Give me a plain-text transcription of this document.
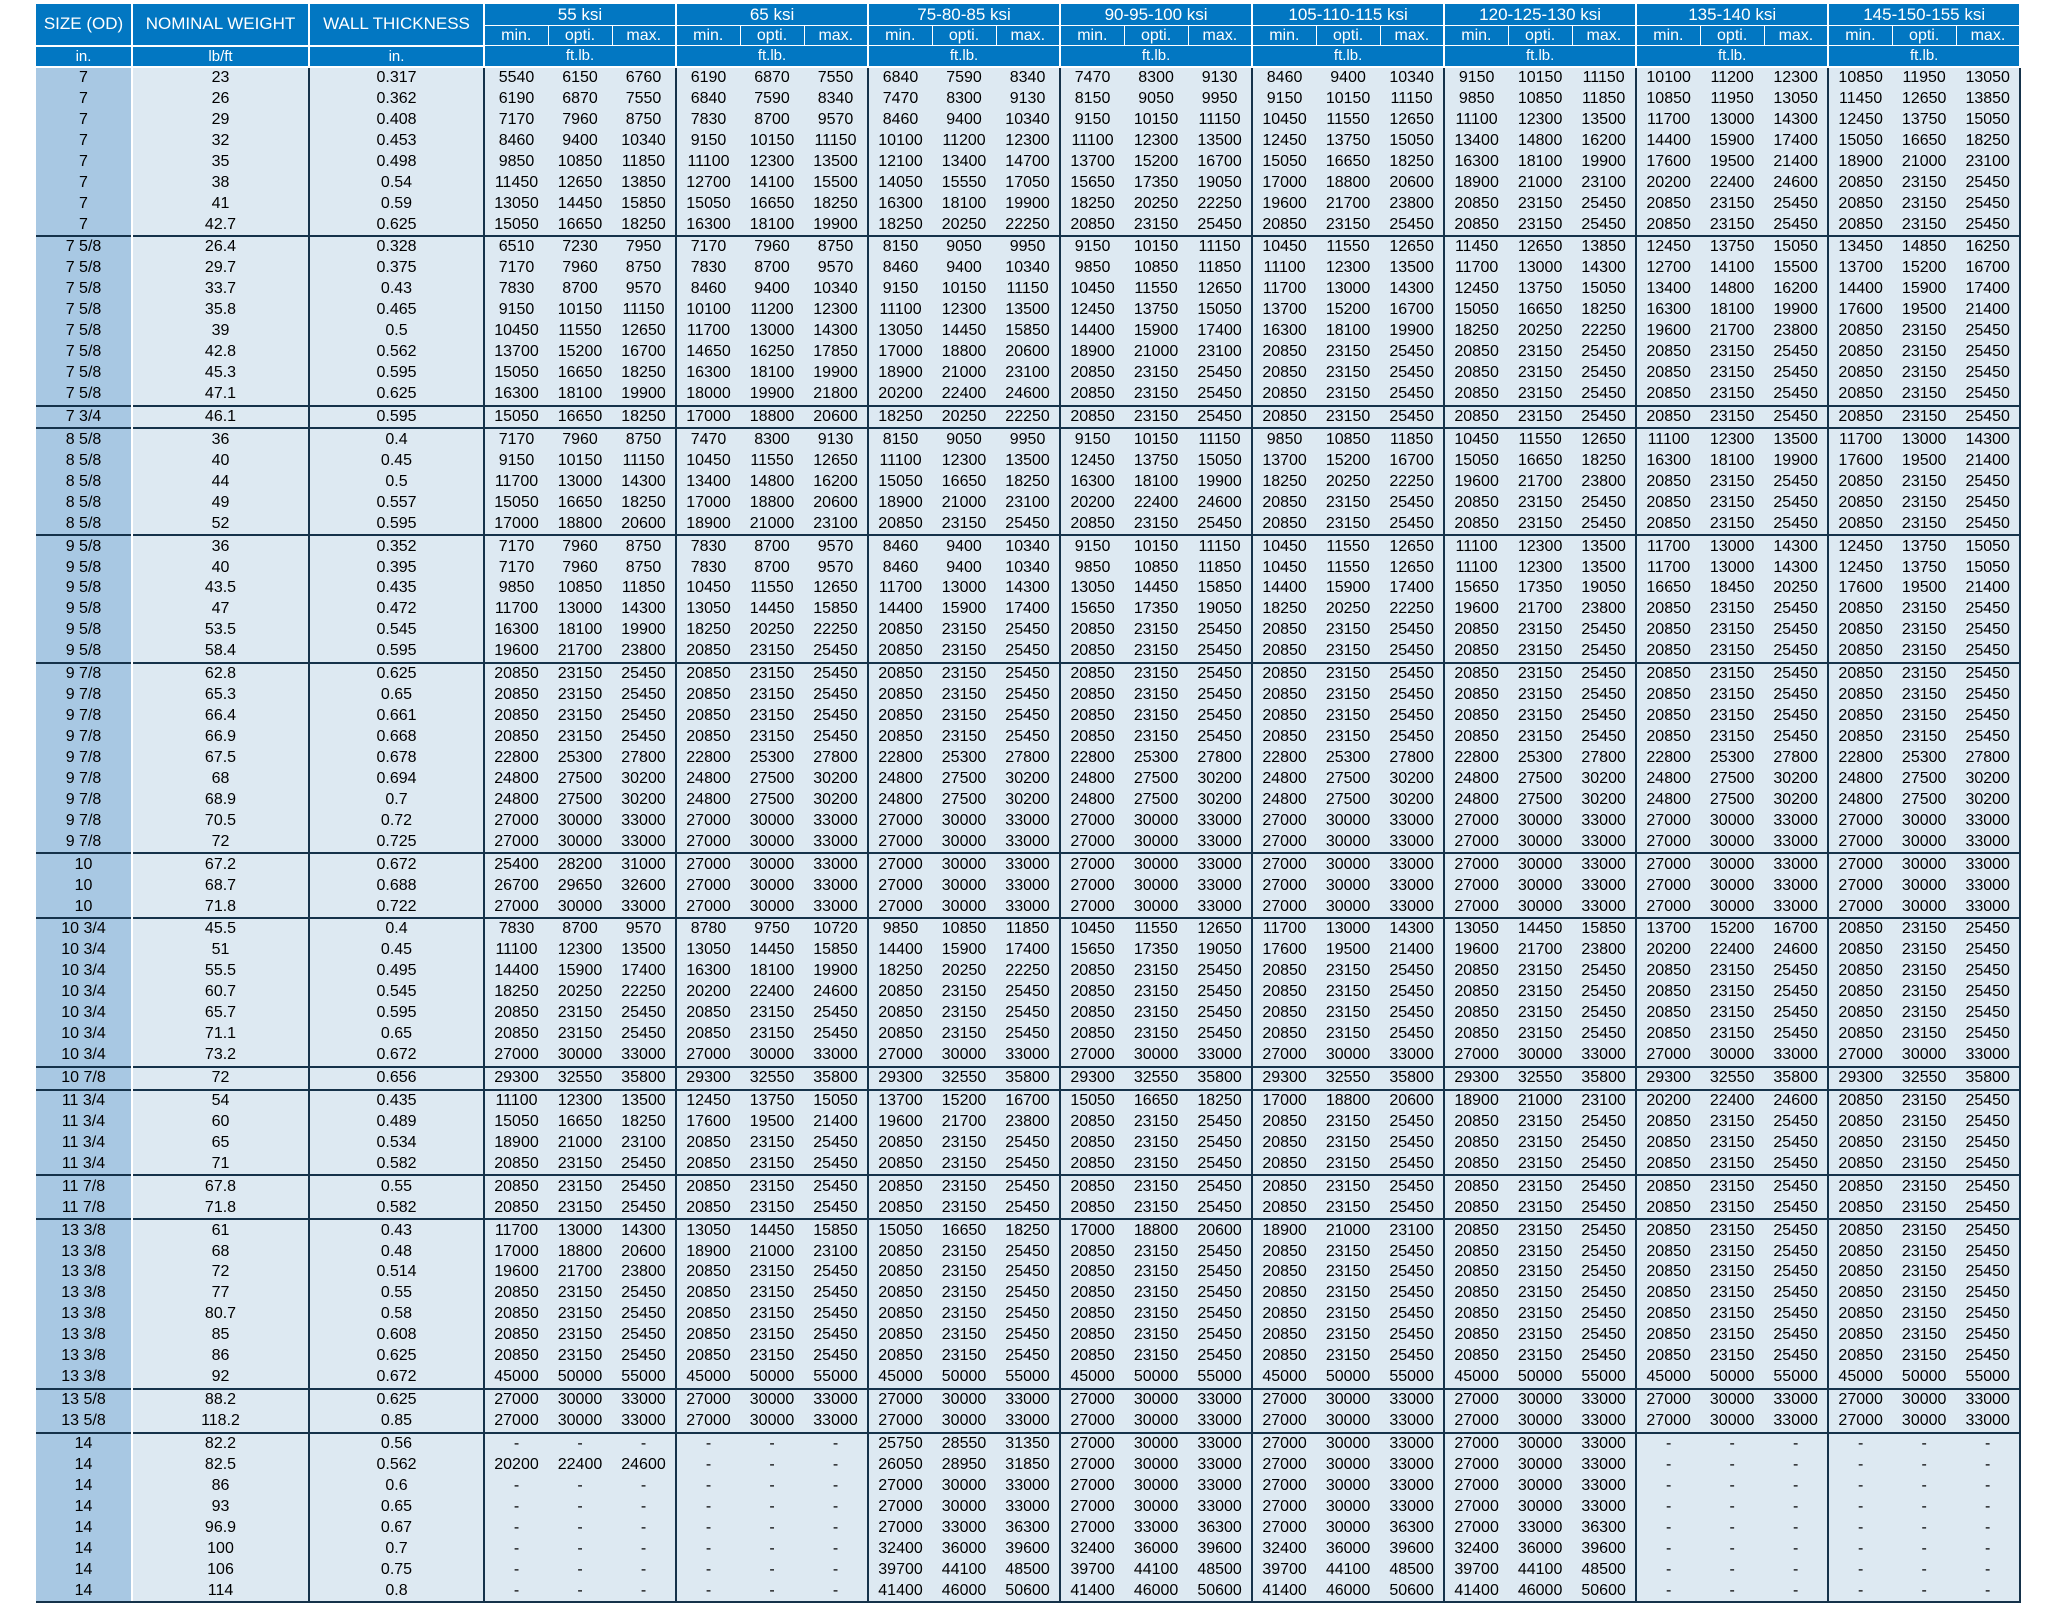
SIZE (OD)	NOMINAL WEIGHT	WALL THICKNESS	55 ksi			65 ksi			75-80-85 ksi			90-95-100 ksi			105-110-115 ksi			120-125-130 ksi			135-140 ksi			145-150-155 ksi		
			min.	opti.	max.	min.	opti.	max.	min.	opti.	max.	min.	opti.	max.	min.	opti.	max.	min.	opti.	max.	min.	opti.	max.	min.	opti.	max.
in.	lb/ft	in.	ft.lb.			ft.lb.			ft.lb.			ft.lb.			ft.lb.			ft.lb.			ft.lb.			ft.lb.		
7	23	0.317	5540	6150	6760	6190	6870	7550	6840	7590	8340	7470	8300	9130	8460	9400	10340	9150	10150	11150	10100	11200	12300	10850	11950	13050
7	26	0.362	6190	6870	7550	6840	7590	8340	7470	8300	9130	8150	9050	9950	9150	10150	11150	9850	10850	11850	10850	11950	13050	11450	12650	13850
7	29	0.408	7170	7960	8750	7830	8700	9570	8460	9400	10340	9150	10150	11150	10450	11550	12650	11100	12300	13500	11700	13000	14300	12450	13750	15050
7	32	0.453	8460	9400	10340	9150	10150	11150	10100	11200	12300	11100	12300	13500	12450	13750	15050	13400	14800	16200	14400	15900	17400	15050	16650	18250
7	35	0.498	9850	10850	11850	11100	12300	13500	12100	13400	14700	13700	15200	16700	15050	16650	18250	16300	18100	19900	17600	19500	21400	18900	21000	23100
7	38	0.54	11450	12650	13850	12700	14100	15500	14050	15550	17050	15650	17350	19050	17000	18800	20600	18900	21000	23100	20200	22400	24600	20850	23150	25450
7	41	0.59	13050	14450	15850	15050	16650	18250	16300	18100	19900	18250	20250	22250	19600	21700	23800	20850	23150	25450	20850	23150	25450	20850	23150	25450
7	42.7	0.625	15050	16650	18250	16300	18100	19900	18250	20250	22250	20850	23150	25450	20850	23150	25450	20850	23150	25450	20850	23150	25450	20850	23150	25450
7 5/8	26.4	0.328	6510	7230	7950	7170	7960	8750	8150	9050	9950	9150	10150	11150	10450	11550	12650	11450	12650	13850	12450	13750	15050	13450	14850	16250
7 5/8	29.7	0.375	7170	7960	8750	7830	8700	9570	8460	9400	10340	9850	10850	11850	11100	12300	13500	11700	13000	14300	12700	14100	15500	13700	15200	16700
7 5/8	33.7	0.43	7830	8700	9570	8460	9400	10340	9150	10150	11150	10450	11550	12650	11700	13000	14300	12450	13750	15050	13400	14800	16200	14400	15900	17400
7 5/8	35.8	0.465	9150	10150	11150	10100	11200	12300	11100	12300	13500	12450	13750	15050	13700	15200	16700	15050	16650	18250	16300	18100	19900	17600	19500	21400
7 5/8	39	0.5	10450	11550	12650	11700	13000	14300	13050	14450	15850	14400	15900	17400	16300	18100	19900	18250	20250	22250	19600	21700	23800	20850	23150	25450
7 5/8	42.8	0.562	13700	15200	16700	14650	16250	17850	17000	18800	20600	18900	21000	23100	20850	23150	25450	20850	23150	25450	20850	23150	25450	20850	23150	25450
7 5/8	45.3	0.595	15050	16650	18250	16300	18100	19900	18900	21000	23100	20850	23150	25450	20850	23150	25450	20850	23150	25450	20850	23150	25450	20850	23150	25450
7 5/8	47.1	0.625	16300	18100	19900	18000	19900	21800	20200	22400	24600	20850	23150	25450	20850	23150	25450	20850	23150	25450	20850	23150	25450	20850	23150	25450
7 3/4	46.1	0.595	15050	16650	18250	17000	18800	20600	18250	20250	22250	20850	23150	25450	20850	23150	25450	20850	23150	25450	20850	23150	25450	20850	23150	25450
8 5/8	36	0.4	7170	7960	8750	7470	8300	9130	8150	9050	9950	9150	10150	11150	9850	10850	11850	10450	11550	12650	11100	12300	13500	11700	13000	14300
8 5/8	40	0.45	9150	10150	11150	10450	11550	12650	11100	12300	13500	12450	13750	15050	13700	15200	16700	15050	16650	18250	16300	18100	19900	17600	19500	21400
8 5/8	44	0.5	11700	13000	14300	13400	14800	16200	15050	16650	18250	16300	18100	19900	18250	20250	22250	19600	21700	23800	20850	23150	25450	20850	23150	25450
8 5/8	49	0.557	15050	16650	18250	17000	18800	20600	18900	21000	23100	20200	22400	24600	20850	23150	25450	20850	23150	25450	20850	23150	25450	20850	23150	25450
8 5/8	52	0.595	17000	18800	20600	18900	21000	23100	20850	23150	25450	20850	23150	25450	20850	23150	25450	20850	23150	25450	20850	23150	25450	20850	23150	25450
9 5/8	36	0.352	7170	7960	8750	7830	8700	9570	8460	9400	10340	9150	10150	11150	10450	11550	12650	11100	12300	13500	11700	13000	14300	12450	13750	15050
9 5/8	40	0.395	7170	7960	8750	7830	8700	9570	8460	9400	10340	9850	10850	11850	10450	11550	12650	11100	12300	13500	11700	13000	14300	12450	13750	15050
9 5/8	43.5	0.435	9850	10850	11850	10450	11550	12650	11700	13000	14300	13050	14450	15850	14400	15900	17400	15650	17350	19050	16650	18450	20250	17600	19500	21400
9 5/8	47	0.472	11700	13000	14300	13050	14450	15850	14400	15900	17400	15650	17350	19050	18250	20250	22250	19600	21700	23800	20850	23150	25450	20850	23150	25450
9 5/8	53.5	0.545	16300	18100	19900	18250	20250	22250	20850	23150	25450	20850	23150	25450	20850	23150	25450	20850	23150	25450	20850	23150	25450	20850	23150	25450
9 5/8	58.4	0.595	19600	21700	23800	20850	23150	25450	20850	23150	25450	20850	23150	25450	20850	23150	25450	20850	23150	25450	20850	23150	25450	20850	23150	25450
9 7/8	62.8	0.625	20850	23150	25450	20850	23150	25450	20850	23150	25450	20850	23150	25450	20850	23150	25450	20850	23150	25450	20850	23150	25450	20850	23150	25450
9 7/8	65.3	0.65	20850	23150	25450	20850	23150	25450	20850	23150	25450	20850	23150	25450	20850	23150	25450	20850	23150	25450	20850	23150	25450	20850	23150	25450
9 7/8	66.4	0.661	20850	23150	25450	20850	23150	25450	20850	23150	25450	20850	23150	25450	20850	23150	25450	20850	23150	25450	20850	23150	25450	20850	23150	25450
9 7/8	66.9	0.668	20850	23150	25450	20850	23150	25450	20850	23150	25450	20850	23150	25450	20850	23150	25450	20850	23150	25450	20850	23150	25450	20850	23150	25450
9 7/8	67.5	0.678	22800	25300	27800	22800	25300	27800	22800	25300	27800	22800	25300	27800	22800	25300	27800	22800	25300	27800	22800	25300	27800	22800	25300	27800
9 7/8	68	0.694	24800	27500	30200	24800	27500	30200	24800	27500	30200	24800	27500	30200	24800	27500	30200	24800	27500	30200	24800	27500	30200	24800	27500	30200
9 7/8	68.9	0.7	24800	27500	30200	24800	27500	30200	24800	27500	30200	24800	27500	30200	24800	27500	30200	24800	27500	30200	24800	27500	30200	24800	27500	30200
9 7/8	70.5	0.72	27000	30000	33000	27000	30000	33000	27000	30000	33000	27000	30000	33000	27000	30000	33000	27000	30000	33000	27000	30000	33000	27000	30000	33000
9 7/8	72	0.725	27000	30000	33000	27000	30000	33000	27000	30000	33000	27000	30000	33000	27000	30000	33000	27000	30000	33000	27000	30000	33000	27000	30000	33000
10	67.2	0.672	25400	28200	31000	27000	30000	33000	27000	30000	33000	27000	30000	33000	27000	30000	33000	27000	30000	33000	27000	30000	33000	27000	30000	33000
10	68.7	0.688	26700	29650	32600	27000	30000	33000	27000	30000	33000	27000	30000	33000	27000	30000	33000	27000	30000	33000	27000	30000	33000	27000	30000	33000
10	71.8	0.722	27000	30000	33000	27000	30000	33000	27000	30000	33000	27000	30000	33000	27000	30000	33000	27000	30000	33000	27000	30000	33000	27000	30000	33000
10 3/4	45.5	0.4	7830	8700	9570	8780	9750	10720	9850	10850	11850	10450	11550	12650	11700	13000	14300	13050	14450	15850	13700	15200	16700	20850	23150	25450
10 3/4	51	0.45	11100	12300	13500	13050	14450	15850	14400	15900	17400	15650	17350	19050	17600	19500	21400	19600	21700	23800	20200	22400	24600	20850	23150	25450
10 3/4	55.5	0.495	14400	15900	17400	16300	18100	19900	18250	20250	22250	20850	23150	25450	20850	23150	25450	20850	23150	25450	20850	23150	25450	20850	23150	25450
10 3/4	60.7	0.545	18250	20250	22250	20200	22400	24600	20850	23150	25450	20850	23150	25450	20850	23150	25450	20850	23150	25450	20850	23150	25450	20850	23150	25450
10 3/4	65.7	0.595	20850	23150	25450	20850	23150	25450	20850	23150	25450	20850	23150	25450	20850	23150	25450	20850	23150	25450	20850	23150	25450	20850	23150	25450
10 3/4	71.1	0.65	20850	23150	25450	20850	23150	25450	20850	23150	25450	20850	23150	25450	20850	23150	25450	20850	23150	25450	20850	23150	25450	20850	23150	25450
10 3/4	73.2	0.672	27000	30000	33000	27000	30000	33000	27000	30000	33000	27000	30000	33000	27000	30000	33000	27000	30000	33000	27000	30000	33000	27000	30000	33000
10 7/8	72	0.656	29300	32550	35800	29300	32550	35800	29300	32550	35800	29300	32550	35800	29300	32550	35800	29300	32550	35800	29300	32550	35800	29300	32550	35800
11 3/4	54	0.435	11100	12300	13500	12450	13750	15050	13700	15200	16700	15050	16650	18250	17000	18800	20600	18900	21000	23100	20200	22400	24600	20850	23150	25450
11 3/4	60	0.489	15050	16650	18250	17600	19500	21400	19600	21700	23800	20850	23150	25450	20850	23150	25450	20850	23150	25450	20850	23150	25450	20850	23150	25450
11 3/4	65	0.534	18900	21000	23100	20850	23150	25450	20850	23150	25450	20850	23150	25450	20850	23150	25450	20850	23150	25450	20850	23150	25450	20850	23150	25450
11 3/4	71	0.582	20850	23150	25450	20850	23150	25450	20850	23150	25450	20850	23150	25450	20850	23150	25450	20850	23150	25450	20850	23150	25450	20850	23150	25450
11 7/8	67.8	0.55	20850	23150	25450	20850	23150	25450	20850	23150	25450	20850	23150	25450	20850	23150	25450	20850	23150	25450	20850	23150	25450	20850	23150	25450
11 7/8	71.8	0.582	20850	23150	25450	20850	23150	25450	20850	23150	25450	20850	23150	25450	20850	23150	25450	20850	23150	25450	20850	23150	25450	20850	23150	25450
13 3/8	61	0.43	11700	13000	14300	13050	14450	15850	15050	16650	18250	17000	18800	20600	18900	21000	23100	20850	23150	25450	20850	23150	25450	20850	23150	25450
13 3/8	68	0.48	17000	18800	20600	18900	21000	23100	20850	23150	25450	20850	23150	25450	20850	23150	25450	20850	23150	25450	20850	23150	25450	20850	23150	25450
13 3/8	72	0.514	19600	21700	23800	20850	23150	25450	20850	23150	25450	20850	23150	25450	20850	23150	25450	20850	23150	25450	20850	23150	25450	20850	23150	25450
13 3/8	77	0.55	20850	23150	25450	20850	23150	25450	20850	23150	25450	20850	23150	25450	20850	23150	25450	20850	23150	25450	20850	23150	25450	20850	23150	25450
13 3/8	80.7	0.58	20850	23150	25450	20850	23150	25450	20850	23150	25450	20850	23150	25450	20850	23150	25450	20850	23150	25450	20850	23150	25450	20850	23150	25450
13 3/8	85	0.608	20850	23150	25450	20850	23150	25450	20850	23150	25450	20850	23150	25450	20850	23150	25450	20850	23150	25450	20850	23150	25450	20850	23150	25450
13 3/8	86	0.625	20850	23150	25450	20850	23150	25450	20850	23150	25450	20850	23150	25450	20850	23150	25450	20850	23150	25450	20850	23150	25450	20850	23150	25450
13 3/8	92	0.672	45000	50000	55000	45000	50000	55000	45000	50000	55000	45000	50000	55000	45000	50000	55000	45000	50000	55000	45000	50000	55000	45000	50000	55000
13 5/8	88.2	0.625	27000	30000	33000	27000	30000	33000	27000	30000	33000	27000	30000	33000	27000	30000	33000	27000	30000	33000	27000	30000	33000	27000	30000	33000
13 5/8	118.2	0.85	27000	30000	33000	27000	30000	33000	27000	30000	33000	27000	30000	33000	27000	30000	33000	27000	30000	33000	27000	30000	33000	27000	30000	33000
14	82.2	0.56	-	-	-	-	-	-	25750	28550	31350	27000	30000	33000	27000	30000	33000	27000	30000	33000	-	-	-	-	-	-
14	82.5	0.562	20200	22400	24600	-	-	-	26050	28950	31850	27000	30000	33000	27000	30000	33000	27000	30000	33000	-	-	-	-	-	-
14	86	0.6	-	-	-	-	-	-	27000	30000	33000	27000	30000	33000	27000	30000	33000	27000	30000	33000	-	-	-	-	-	-
14	93	0.65	-	-	-	-	-	-	27000	30000	33000	27000	30000	33000	27000	30000	33000	27000	30000	33000	-	-	-	-	-	-
14	96.9	0.67	-	-	-	-	-	-	27000	33000	36300	27000	33000	36300	27000	30000	36300	27000	33000	36300	-	-	-	-	-	-
14	100	0.7	-	-	-	-	-	-	32400	36000	39600	32400	36000	39600	32400	36000	39600	32400	36000	39600	-	-	-	-	-	-
14	106	0.75	-	-	-	-	-	-	39700	44100	48500	39700	44100	48500	39700	44100	48500	39700	44100	48500	-	-	-	-	-	-
14	114	0.8	-	-	-	-	-	-	41400	46000	50600	41400	46000	50600	41400	46000	50600	41400	46000	50600	-	-	-	-	-	-
